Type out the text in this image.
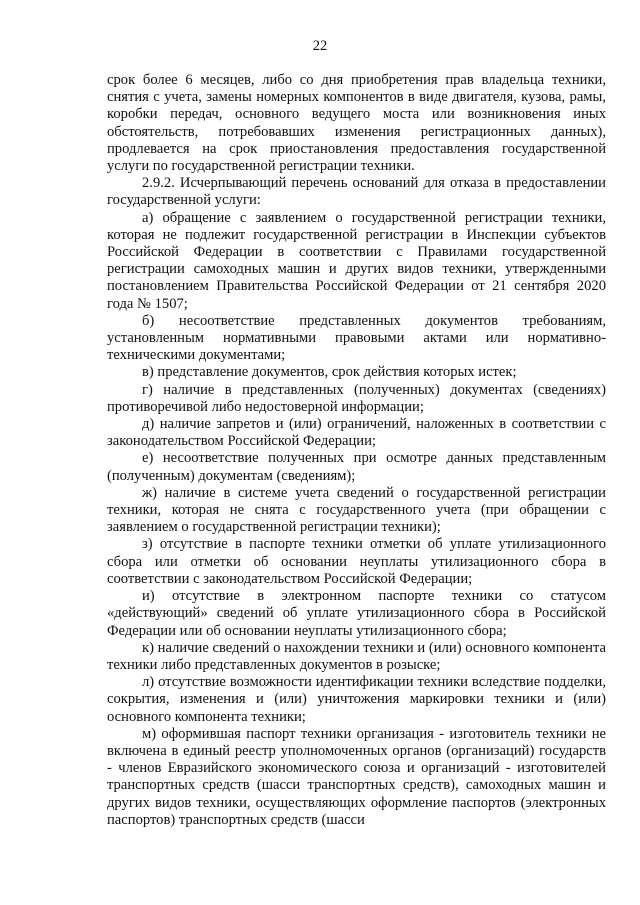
22

срок более 6 месяцев, либо со дня приобретения прав владельца техники, снятия с учета, замены номерных компонентов в виде двигателя, кузова, рамы, коробки передач, основного ведущего моста или возникновения иных обстоятельств, потребовавших изменения регистрационных данных), продлевается на срок приостановления предоставления государственной услуги по государственной регистрации техники.

2.9.2. Исчерпывающий перечень оснований для отказа в предоставлении государственной услуги:

а) обращение с заявлением о государственной регистрации техники, которая не подлежит государственной регистрации в Инспекции субъектов Российской Федерации в соответствии с Правилами государственной регистрации самоходных машин и других видов техники, утвержденными постановлением Правительства Российской Федерации от 21 сентября 2020 года № 1507;

б) несоответствие представленных документов требованиям, установленным нормативными правовыми актами или нормативно-техническими документами;

в) представление документов, срок действия которых истек;

г) наличие в представленных (полученных) документах (сведениях) противоречивой либо недостоверной информации;

д) наличие запретов и (или) ограничений, наложенных в соответствии с законодательством Российской Федерации;

е) несоответствие полученных при осмотре данных представленным (полученным) документам (сведениям);

ж) наличие в системе учета сведений о государственной регистрации техники, которая не снята с государственного учета (при обращении с заявлением о государственной регистрации техники);

з) отсутствие в паспорте техники отметки об уплате утилизационного сбора или отметки об основании неуплаты утилизационного сбора в соответствии с законодательством Российской Федерации;

и) отсутствие в электронном паспорте техники со статусом «действующий» сведений об уплате утилизационного сбора в Российской Федерации или об основании неуплаты утилизационного сбора;

к) наличие сведений о нахождении техники и (или) основного компонента техники либо представленных документов в розыске;

л) отсутствие возможности идентификации техники вследствие подделки, сокрытия, изменения и (или) уничтожения маркировки техники и (или) основного компонента техники;

м) оформившая паспорт техники организация - изготовитель техники не включена в единый реестр уполномоченных органов (организаций) государств - членов Евразийского экономического союза и организаций - изготовителей транспортных средств (шасси транспортных средств), самоходных машин и других видов техники, осуществляющих оформление паспортов (электронных паспортов) транспортных средств (шасси
